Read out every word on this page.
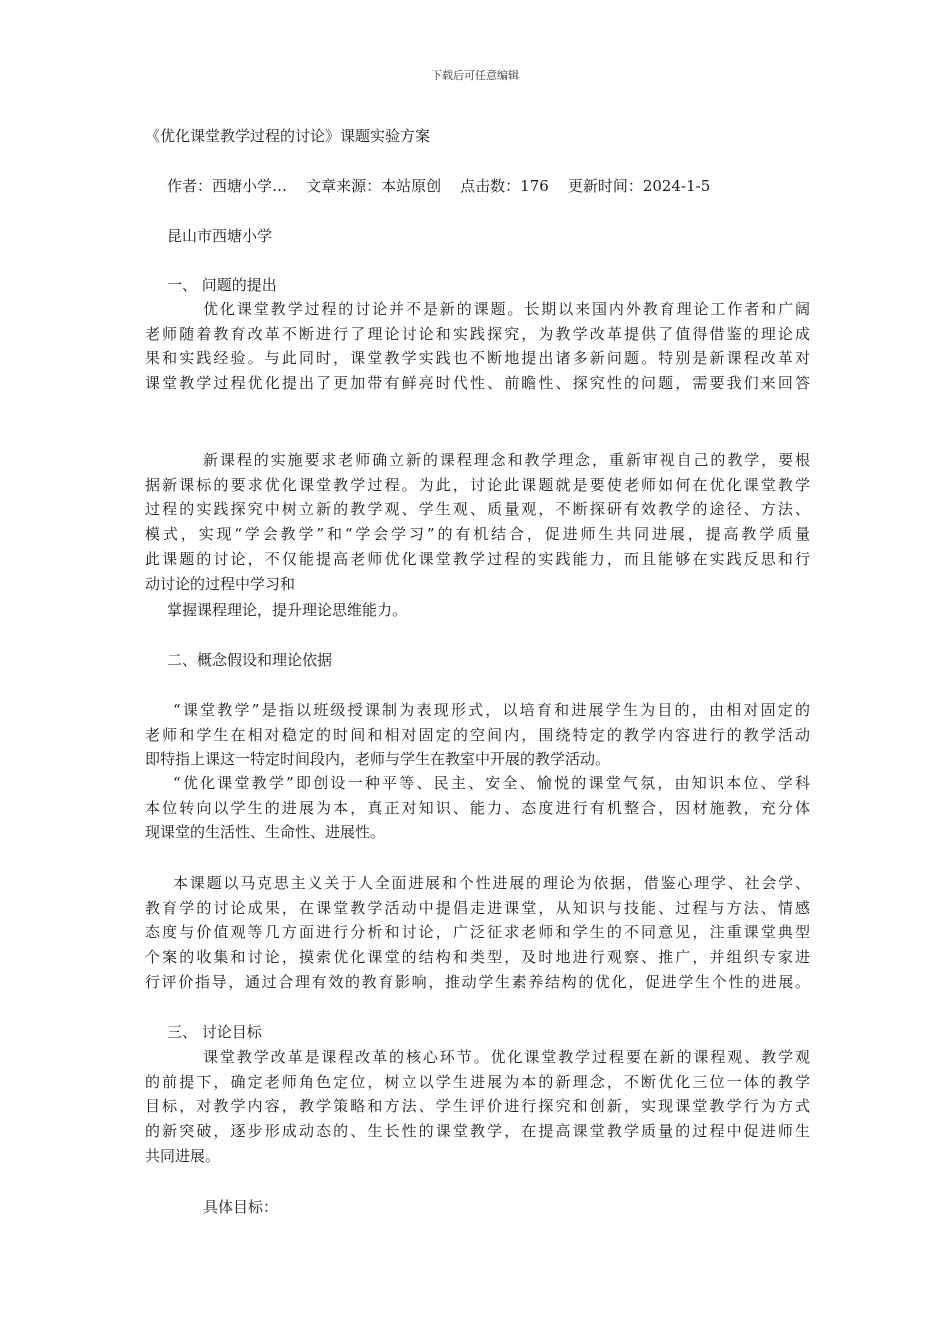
下载后可任意编辑
《优化课堂教学过程的讨论》课题实验方案
作者：西塘小学…    文章来源：本站原创    点击数：176    更新时间：2024-1-5
昆山市西塘小学
一、 问题的提出
优化课堂教学过程的讨论并不是新的课题。长期以来国内外教育理论工作者和广阔
老师随着教育改革不断进行了理论讨论和实践探究，为教学改革提供了值得借鉴的理论成
果和实践经验。与此同时，课堂教学实践也不断地提出诸多新问题。特别是新课程改革对
课堂教学过程优化提出了更加带有鲜亮时代性、前瞻性、探究性的问题，需要我们来回答
新课程的实施要求老师确立新的课程理念和教学理念，重新审视自己的教学，要根
据新课标的要求优化课堂教学过程。为此，讨论此课题就是要使老师如何在优化课堂教学
过程的实践探究中树立新的教学观、学生观、质量观，不断探研有效教学的途径、方法、
模式，实现“学会教学”和“学会学习”的有机结合，促进师生共同进展，提高教学质量
此课题的讨论，不仅能提高老师优化课堂教学过程的实践能力，而且能够在实践反思和行
动讨论的过程中学习和
掌握课程理论，提升理论思维能力。
二、概念假设和理论依据
“课堂教学”是指以班级授课制为表现形式，以培育和进展学生为目的，由相对固定的
老师和学生在相对稳定的时间和相对固定的空间内，围绕特定的教学内容进行的教学活动
即特指上课这一特定时间段内，老师与学生在教室中开展的教学活动。
“优化课堂教学”即创设一种平等、民主、安全、愉悦的课堂气氛，由知识本位、学科
本位转向以学生的进展为本，真正对知识、能力、态度进行有机整合，因材施教，充分体
现课堂的生活性、生命性、进展性。
本课题以马克思主义关于人全面进展和个性进展的理论为依据，借鉴心理学、社会学、
教育学的讨论成果，在课堂教学活动中提倡走进课堂，从知识与技能、过程与方法、情感
态度与价值观等几方面进行分析和讨论，广泛征求老师和学生的不同意见，注重课堂典型
个案的收集和讨论，摸索优化课堂的结构和类型，及时地进行观察、推广，并组织专家进
行评价指导，通过合理有效的教育影响，推动学生素养结构的优化，促进学生个性的进展。
三、 讨论目标
课堂教学改革是课程改革的核心环节。优化课堂教学过程要在新的课程观、教学观
的前提下，确定老师角色定位，树立以学生进展为本的新理念，不断优化三位一体的教学
目标，对教学内容，教学策略和方法、学生评价进行探究和创新，实现课堂教学行为方式
的新突破，逐步形成动态的、生长性的课堂教学，在提高课堂教学质量的过程中促进师生
共同进展。
具体目标：
